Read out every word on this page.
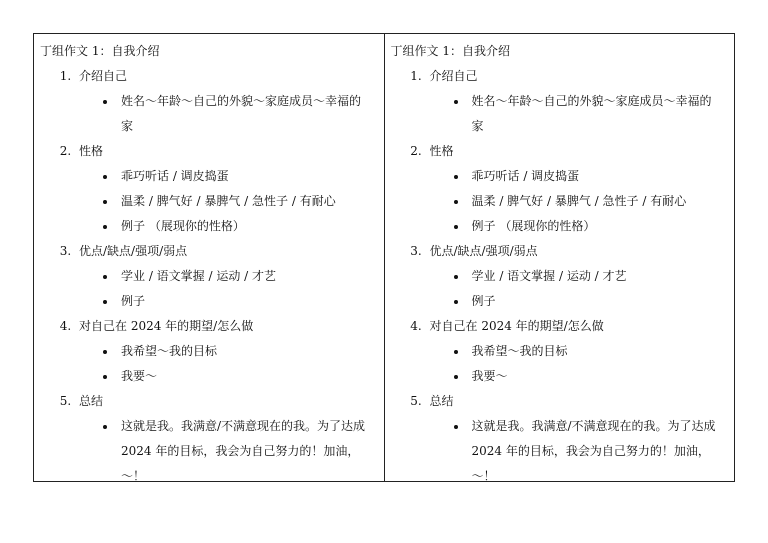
丁组作文 1：自我介绍

1. 介绍自己
• 姓名～年龄～自己的外貌～家庭成员～幸福的家
2. 性格
• 乖巧听话 / 调皮捣蛋
• 温柔 / 脾气好 / 暴脾气 / 急性子 / 有耐心
• 例子 （展现你的性格）
3. 优点/缺点/强项/弱点
• 学业 / 语文掌握 / 运动 / 才艺
• 例子
4. 对自己在 2024 年的期望/怎么做
• 我希望～我的目标
• 我要～
5. 总结
• 这就是我。我满意/不满意现在的我。为了达成 2024 年的目标，我会为自己努力的！加油，～！

丁组作文 1：自我介绍

1. 介绍自己
• 姓名～年龄～自己的外貌～家庭成员～幸福的家
2. 性格
• 乖巧听话 / 调皮捣蛋
• 温柔 / 脾气好 / 暴脾气 / 急性子 / 有耐心
• 例子 （展现你的性格）
3. 优点/缺点/强项/弱点
• 学业 / 语文掌握 / 运动 / 才艺
• 例子
4. 对自己在 2024 年的期望/怎么做
• 我希望～我的目标
• 我要～
5. 总结
• 这就是我。我满意/不满意现在的我。为了达成 2024 年的目标，我会为自己努力的！加油，～！
